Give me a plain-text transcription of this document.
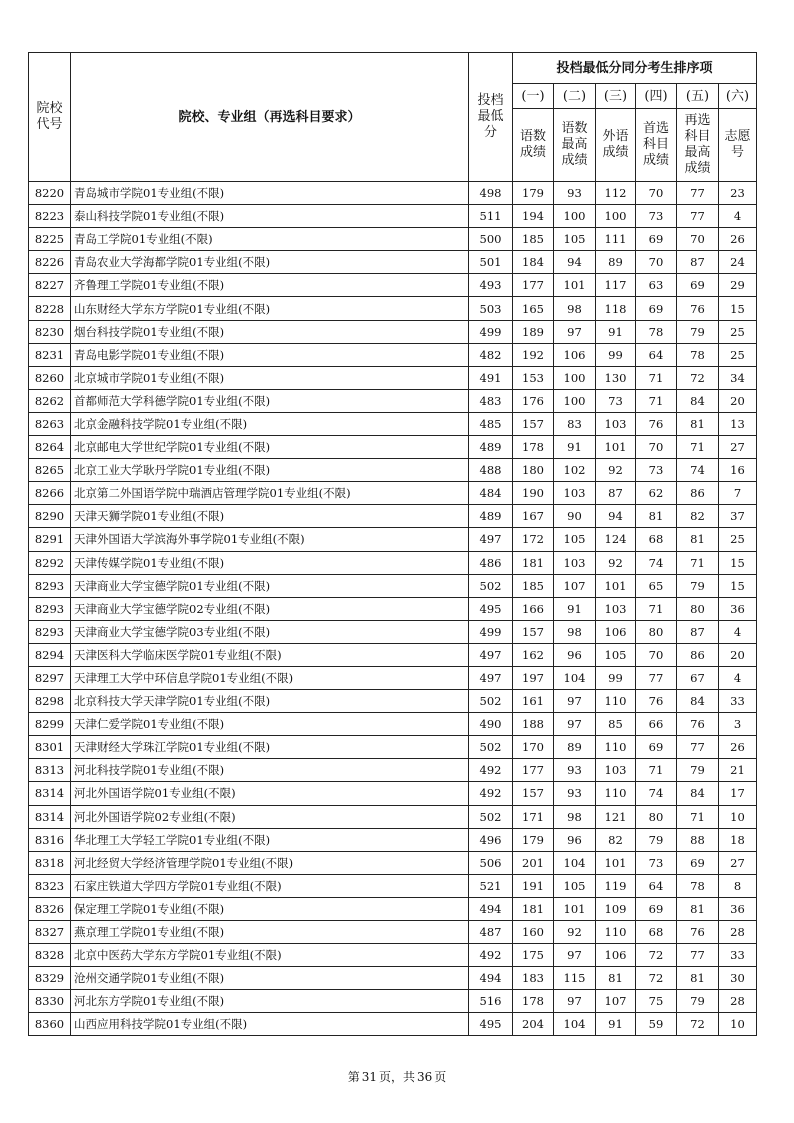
院校代号	院校、专业组（再选科目要求）	投档最低分	投档最低分同分考生排序项					
			(一)	(二)	(三)	(四)	(五)	(六)
			语数成绩	语数最高成绩	外语成绩	首选科目成绩	再选科目最高成绩	志愿号
8220	青岛城市学院01专业组(不限)	498	179	93	112	70	77	23
8223	泰山科技学院01专业组(不限)	511	194	100	100	73	77	4
8225	青岛工学院01专业组(不限)	500	185	105	111	69	70	26
8226	青岛农业大学海都学院01专业组(不限)	501	184	94	89	70	87	24
8227	齐鲁理工学院01专业组(不限)	493	177	101	117	63	69	29
8228	山东财经大学东方学院01专业组(不限)	503	165	98	118	69	76	15
8230	烟台科技学院01专业组(不限)	499	189	97	91	78	79	25
8231	青岛电影学院01专业组(不限)	482	192	106	99	64	78	25
8260	北京城市学院01专业组(不限)	491	153	100	130	71	72	34
8262	首都师范大学科德学院01专业组(不限)	483	176	100	73	71	84	20
8263	北京金融科技学院01专业组(不限)	485	157	83	103	76	81	13
8264	北京邮电大学世纪学院01专业组(不限)	489	178	91	101	70	71	27
8265	北京工业大学耿丹学院01专业组(不限)	488	180	102	92	73	74	16
8266	北京第二外国语学院中瑞酒店管理学院01专业组(不限)	484	190	103	87	62	86	7
8290	天津天狮学院01专业组(不限)	489	167	90	94	81	82	37
8291	天津外国语大学滨海外事学院01专业组(不限)	497	172	105	124	68	81	25
8292	天津传媒学院01专业组(不限)	486	181	103	92	74	71	15
8293	天津商业大学宝德学院01专业组(不限)	502	185	107	101	65	79	15
8293	天津商业大学宝德学院02专业组(不限)	495	166	91	103	71	80	36
8293	天津商业大学宝德学院03专业组(不限)	499	157	98	106	80	87	4
8294	天津医科大学临床医学院01专业组(不限)	497	162	96	105	70	86	20
8297	天津理工大学中环信息学院01专业组(不限)	497	197	104	99	77	67	4
8298	北京科技大学天津学院01专业组(不限)	502	161	97	110	76	84	33
8299	天津仁爱学院01专业组(不限)	490	188	97	85	66	76	3
8301	天津财经大学珠江学院01专业组(不限)	502	170	89	110	69	77	26
8313	河北科技学院01专业组(不限)	492	177	93	103	71	79	21
8314	河北外国语学院01专业组(不限)	492	157	93	110	74	84	17
8314	河北外国语学院02专业组(不限)	502	171	98	121	80	71	10
8316	华北理工大学轻工学院01专业组(不限)	496	179	96	82	79	88	18
8318	河北经贸大学经济管理学院01专业组(不限)	506	201	104	101	73	69	27
8323	石家庄铁道大学四方学院01专业组(不限)	521	191	105	119	64	78	8
8326	保定理工学院01专业组(不限)	494	181	101	109	69	81	36
8327	燕京理工学院01专业组(不限)	487	160	92	110	68	76	28
8328	北京中医药大学东方学院01专业组(不限)	492	175	97	106	72	77	33
8329	沧州交通学院01专业组(不限)	494	183	115	81	72	81	30
8330	河北东方学院01专业组(不限)	516	178	97	107	75	79	28
8360	山西应用科技学院01专业组(不限)	495	204	104	91	59	72	10
第 31 页，共 36 页
